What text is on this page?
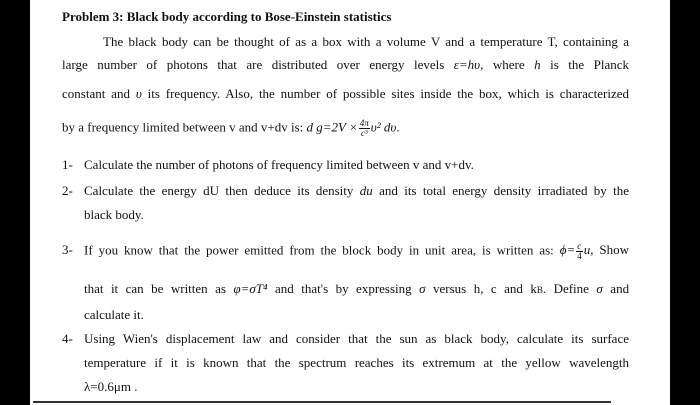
Problem 3: Black body according to Bose-Einstein statistics
The black body can be thought of as a box with a volume V and a temperature T, containing a
large number of photons that are distributed over energy levels ε=hυ, where h is the Planck
constant and υ its frequency. Also, the number of possible sites inside the box, which is characterized
by a frequency limited between v and v+dv is: d $g=2V \times \frac{4\pi}{\text{c³}} \upsilon^2$ dυ.
1- Calculate the number of photons of frequency limited between v and v+dv.
2- Calculate the energy dU then deduce its density du and its total energy density irradiated by the
black body.
3- If you know that the power emitted from the block body in unit area, is written as: $\phi= \frac{c}{4} u$, Show
that it can be written as φ=σT⁴ and that's by expressing σ versus h, c and kB. Define σ and
calculate it.
4- Using Wien's displacement law and consider that the sun as black body, calculate its surface
temperature if it is known that the spectrum reaches its extremum at the yellow wavelength
λ=0.6μm .
